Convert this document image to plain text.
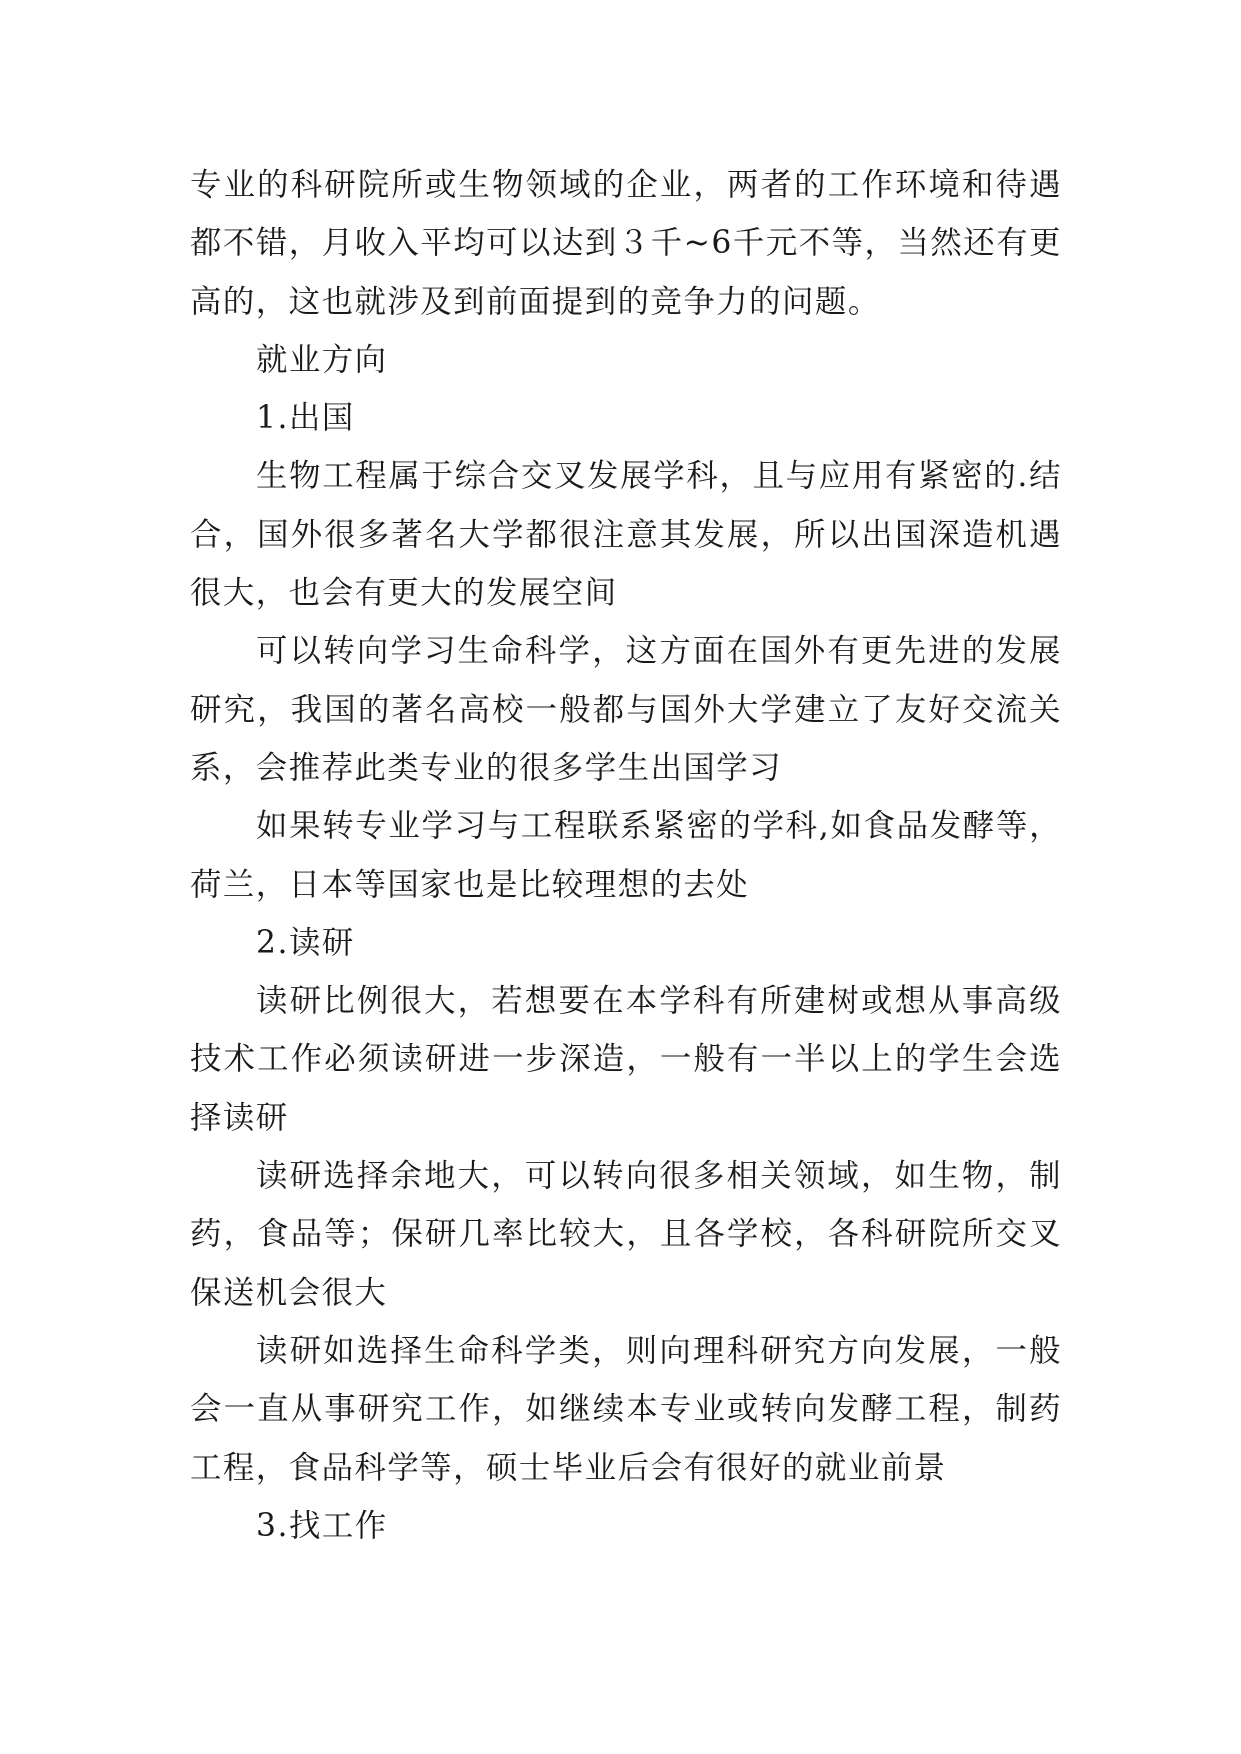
专业的科研院所或生物领域的企业，两者的工作环境和待遇都不错，月收入平均可以达到３千~6千元不等，当然还有更高的，这也就涉及到前面提到的竞争力的问题。

就业方向

1.出国

生物工程属于综合交叉发展学科，且与应用有紧密的.结合，国外很多著名大学都很注意其发展，所以出国深造机遇很大，也会有更大的发展空间

可以转向学习生命科学，这方面在国外有更先进的发展研究，我国的著名高校一般都与国外大学建立了友好交流关系，会推荐此类专业的很多学生出国学习

如果转专业学习与工程联系紧密的学科,如食品发酵等，荷兰，日本等国家也是比较理想的去处

2.读研

读研比例很大，若想要在本学科有所建树或想从事高级技术工作必须读研进一步深造，一般有一半以上的学生会选择读研

读研选择余地大，可以转向很多相关领域，如生物，制药，食品等；保研几率比较大，且各学校，各科研院所交叉保送机会很大

读研如选择生命科学类，则向理科研究方向发展，一般会一直从事研究工作，如继续本专业或转向发酵工程，制药工程，食品科学等，硕士毕业后会有很好的就业前景

3.找工作
